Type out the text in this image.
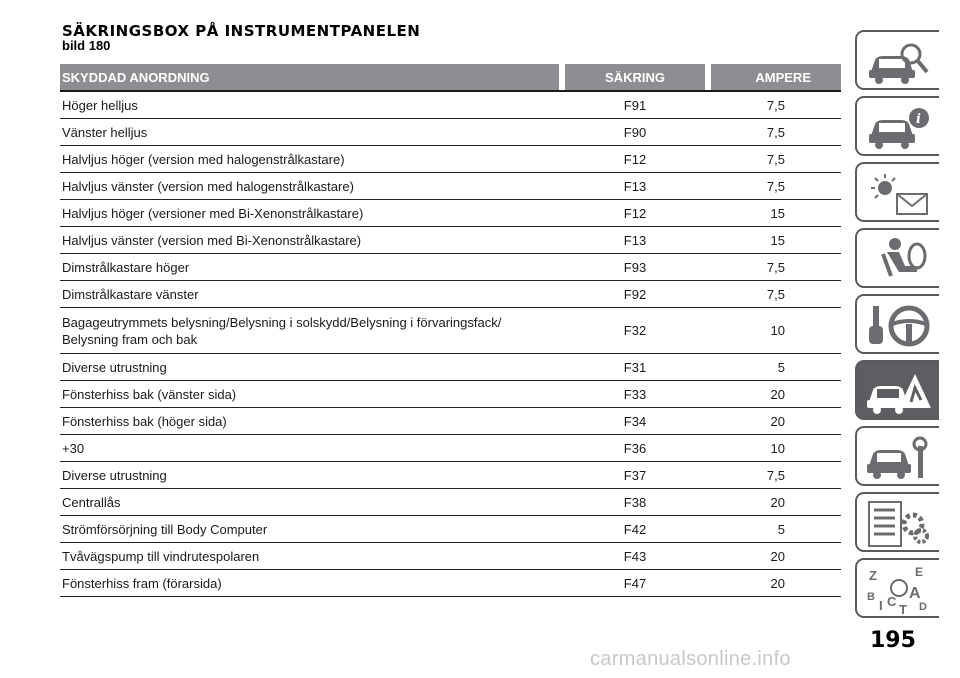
SÄKRINGSBOX PÅ INSTRUMENTPANELEN
bild 180
SKYDDAD ANORDNING	SÄKRING	AMPERE
Höger helljus	F91	7,5
Vänster helljus	F90	7,5
Halvljus höger (version med halogenstrålkastare)	F12	7,5
Halvljus vänster (version med halogenstrålkastare)	F13	7,5
Halvljus höger (versioner med Bi-Xenonstrålkastare)	F12	15
Halvljus vänster (version med Bi-Xenonstrålkastare)	F13	15
Dimstrålkastare höger	F93	7,5
Dimstrålkastare vänster	F92	7,5
Bagageutrymmets belysning/Belysning i solskydd/Belysning i förvaringsfack/
Belysning fram och bak
F32	10
Diverse utrustning	F31	5
Fönsterhiss bak (vänster sida)	F33	20
Fönsterhiss bak (höger sida)	F34	20
+30	F36	10
Diverse utrustning	F37	7,5
Centrallås	F38	20
Strömförsörjning till Body Computer	F42	5
Tvåvägspump till vindrutespolaren	F43	20
Fönsterhiss fram (förarsida)	F47	20
i
Z	E
B A
C D
T
I
195
carmanualsonline.info
